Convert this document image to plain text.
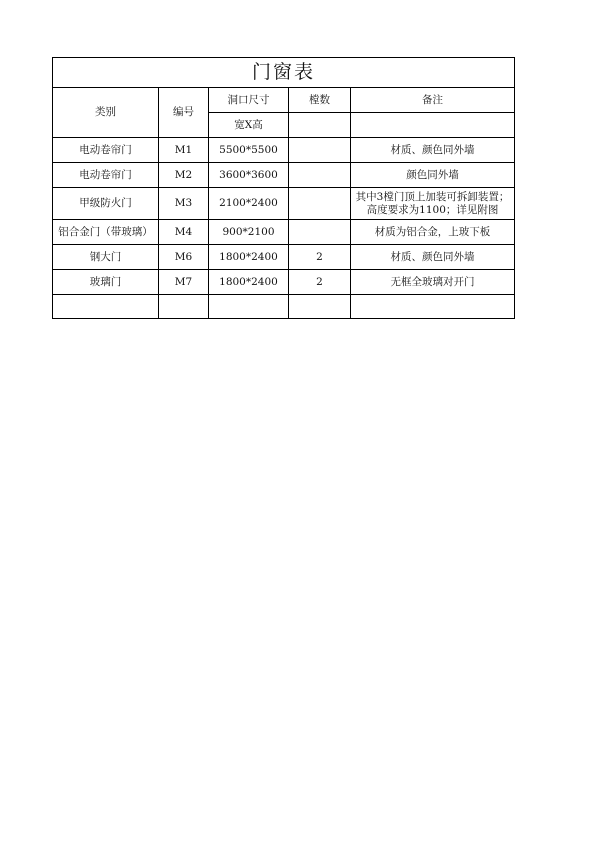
门窗表				
类别	编号	洞口尺寸	樘数	备注
		宽X高		
电动卷帘门	M1	5500*5500		材质、颜色同外墙
电动卷帘门	M2	3600*3600		颜色同外墙
甲级防火门	M3	2100*2400		其中3樘门顶上加装可拆卸装置；高度要求为1100；详见附图
铝合金门（带玻璃）	M4	900*2100		材质为铝合金，上玻下板
钢大门	M6	1800*2400	2	材质、颜色同外墙
玻璃门	M7	1800*2400	2	无框全玻璃对开门
